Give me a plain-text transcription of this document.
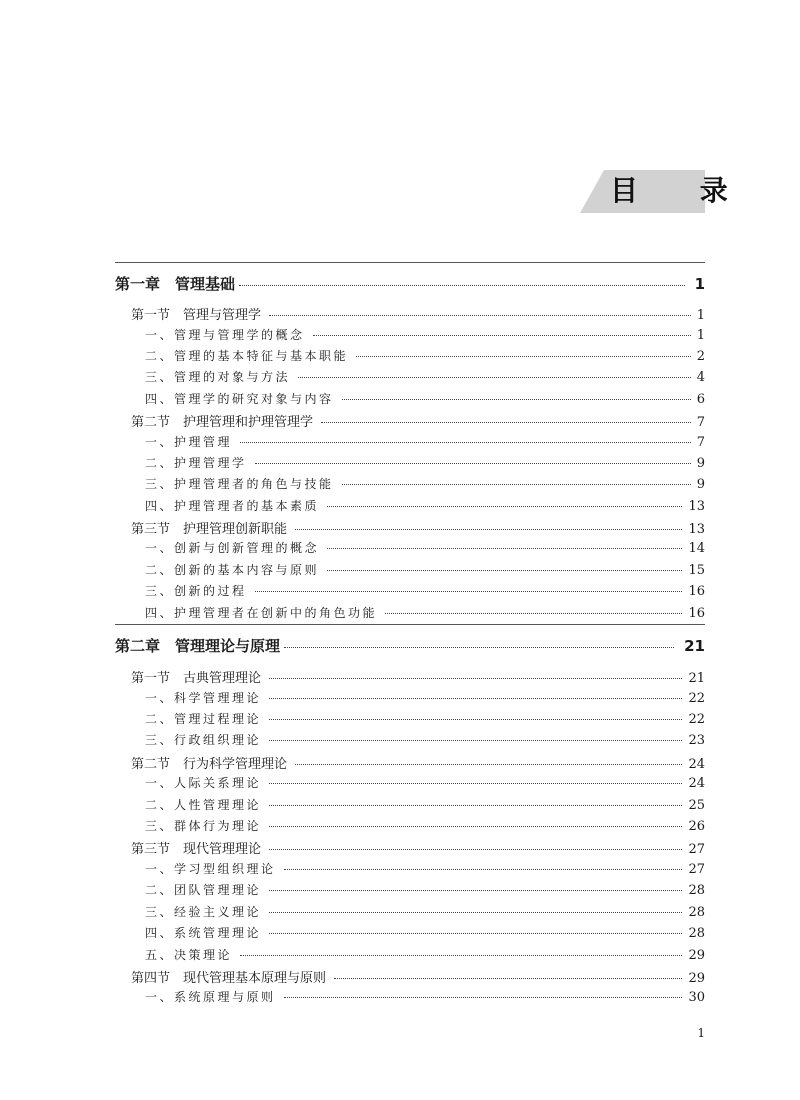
目 录
第一章　管理基础	1
第一节　管理与管理学	1
一、管理与管理学的概念	1
二、管理的基本特征与基本职能	2
三、管理的对象与方法	4
四、管理学的研究对象与内容	6
第二节　护理管理和护理管理学	7
一、护理管理	7
二、护理管理学	9
三、护理管理者的角色与技能	9
四、护理管理者的基本素质	13
第三节　护理管理创新职能	13
一、创新与创新管理的概念	14
二、创新的基本内容与原则	15
三、创新的过程	16
四、护理管理者在创新中的角色功能	16
第二章　管理理论与原理	21
第一节　古典管理理论	21
一、科学管理理论	22
二、管理过程理论	22
三、行政组织理论	23
第二节　行为科学管理理论	24
一、人际关系理论	24
二、人性管理理论	25
三、群体行为理论	26
第三节　现代管理理论	27
一、学习型组织理论	27
二、团队管理理论	28
三、经验主义理论	28
四、系统管理理论	28
五、决策理论	29
第四节　现代管理基本原理与原则	29
一、系统原理与原则	30
1
